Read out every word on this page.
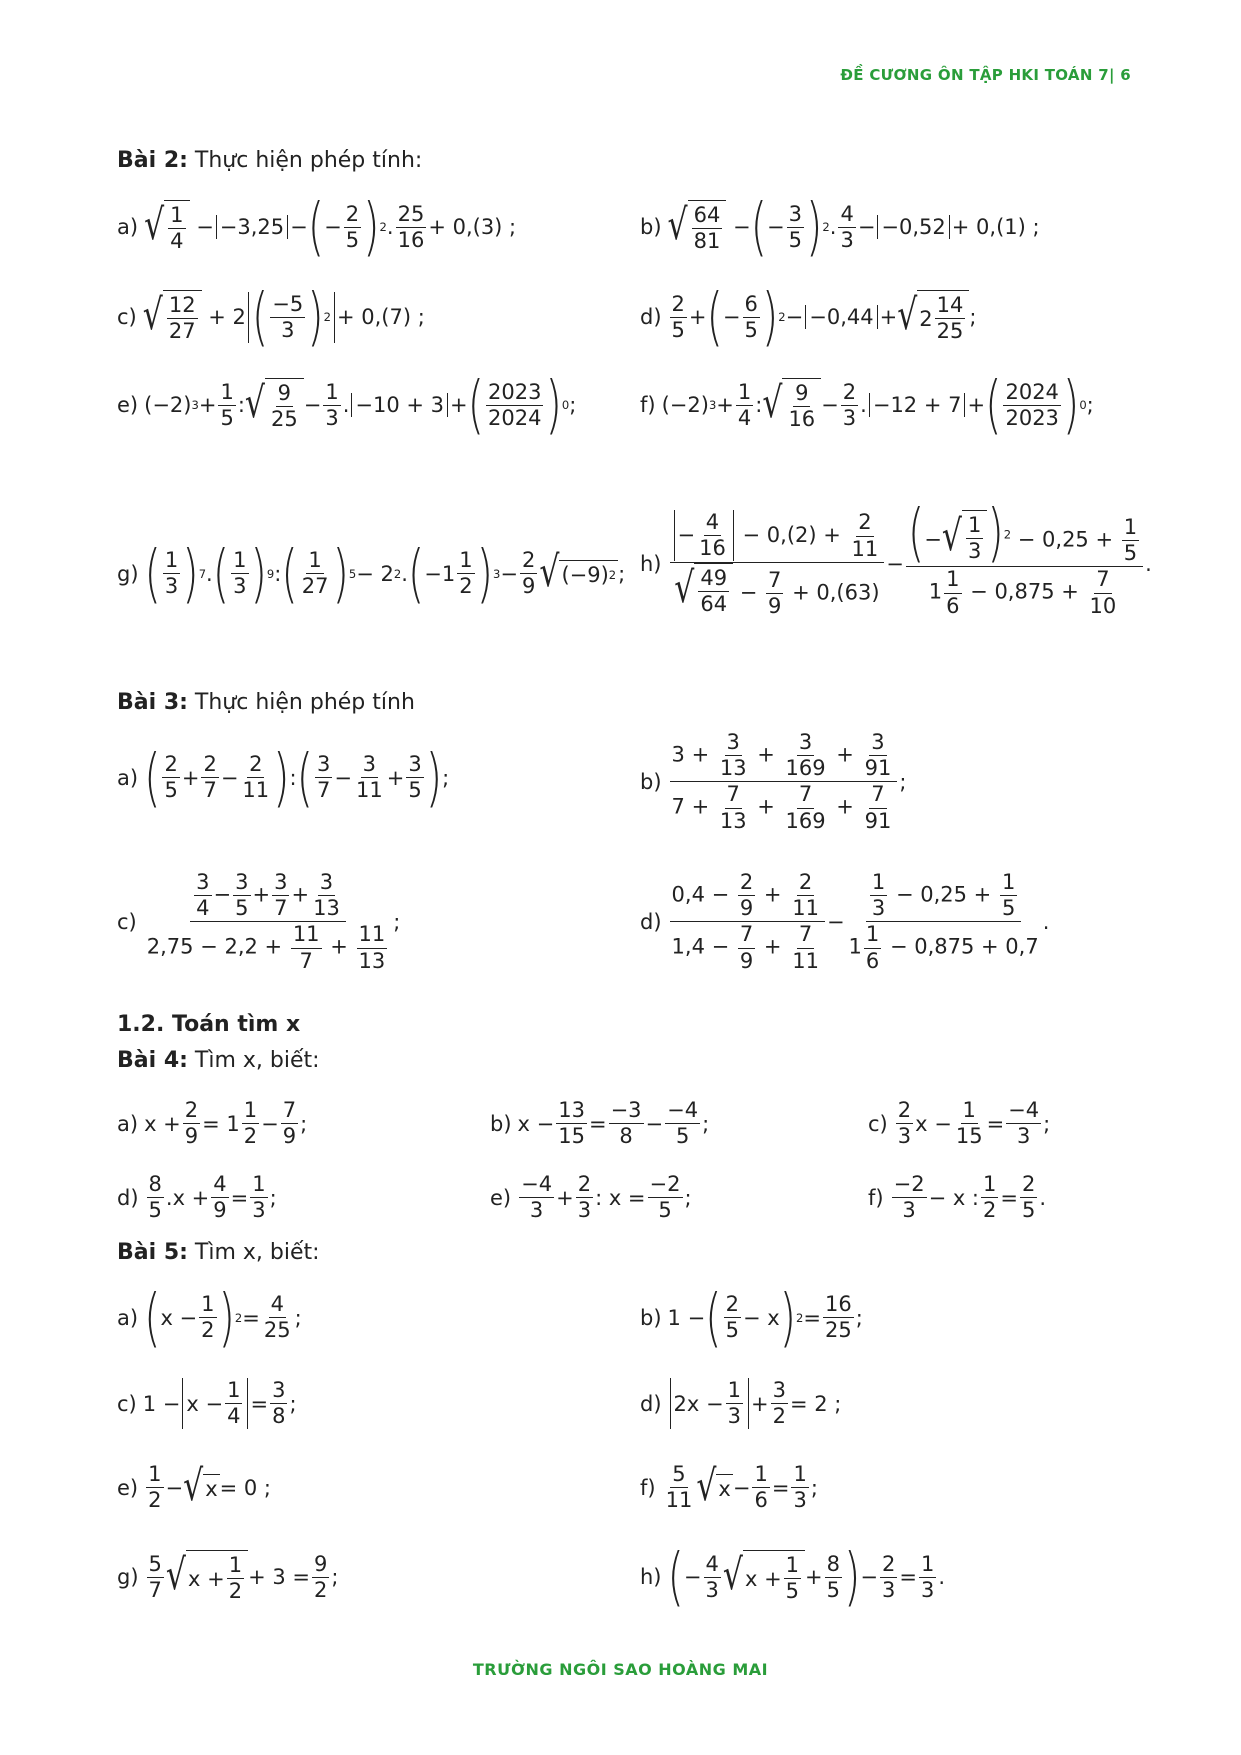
ĐỀ CƯƠNG ÔN TẬP HKI TOÁN 7| 6
Bài 2: Thực hiện phép tính:
a) √ 1
4
− −3,25 − ( −
2
5 ) 2 .
25
16
+ 0,(3) ;	b) √ 64
81
− ( −
3
5 ) 2 .
4
3
− −0,52 + 0,(1) ;
c) √ 12
27
+ 2 ( −5
3 ) 2 + 0,(7) ;	d)
2
5
+ ( −
6
5 ) 2 − −0,44 + √ 2
14
25
;
e) (−2) 3 +
1
5
: √ 9
25
−
1
3
. −10 + 3 + ( 2023
2024 ) 0 ;	f) (−2) 3 +
1
4
: √ 9
16
−
2
3
. −12 + 7 + ( 2024
2023 ) 0 ;
g) ( 1
3 ) 7 . ( 1
3 ) 9 : ( 1
27 ) 5 − 2 2 . ( −1
1
2 ) 3 −
2
9 √ (−9) 2 ; h)
−
4
16
− $0,(2) + \frac{2}{11}$
√ 49
$64 - \frac{7}{9} + 0,(63)$
− (− √ 1
3 )$^2 - 0,25 + \frac{1}{5}$
$1 \frac{1}{6} - 0,875 + \frac{7}{10}$
.
Bài 3: Thực hiện phép tính
a) ( 2
5
+
2
7
−
2
11 ) : ( 3
7
−
3
11
+
3
5 ) ;	b)
$3 + \frac{3}{13} + \frac{3}{169} + \frac{3}{91}$
$7 + \frac{7}{13} + \frac{7}{169} + \frac{7}{91}$
;
c)
$\frac{3}{4} - \frac{3}{5} + \frac{3}{7} + \frac{3}{13}$
$2,75 - 2,2 + \frac{11}{7} + \frac{11}{13}$
;	d)
$0,4 - \frac{2}{9} + \frac{2}{11}$
$1,4 - \frac{7}{9} + \frac{7}{11}$
−
$\frac{1}{3} - 0,25 + \frac{1}{5}$
$1 \frac{1}{6} - 0,875 + 0,7$
.
1.2. Toán tìm x
Bài 4: Tìm x, biết:
a) x +
2
9
= 1
1
2
−
7
9
;	b) x −
13
15
=
−3
8
−
−4
5
;	c)
2
3
x −
1
15
=
−4
3
;
d)
8
5
.x +
4
9
=
1
3
;	e)
−4
3
+
2
3
: x =
−2
5
;	f)
−2
3
− x :
1
2
=
2
5
.
Bài 5: Tìm x, biết:
a) ( x −
1
2 ) 2 =
4
25
;	b) 1 − ( 2
5
− x ) 2 =
16
25
;
c) 1 − x −
1
4
=
3
8
;	d) 2x −
1
3
+
3
2
= 2 ;
e)
1
2
− √ x = 0 ;	f)
5
11 √ x −
1
6
=
1
3
;
g)
5
7 √ x +
1
2
+ 3 =
9
2
;	h) ( −
4
3 √ x +
1
5
+
8
5 ) −
2
3
=
1
3
.
TRƯỜNG NGÔI SAO HOÀNG MAI
